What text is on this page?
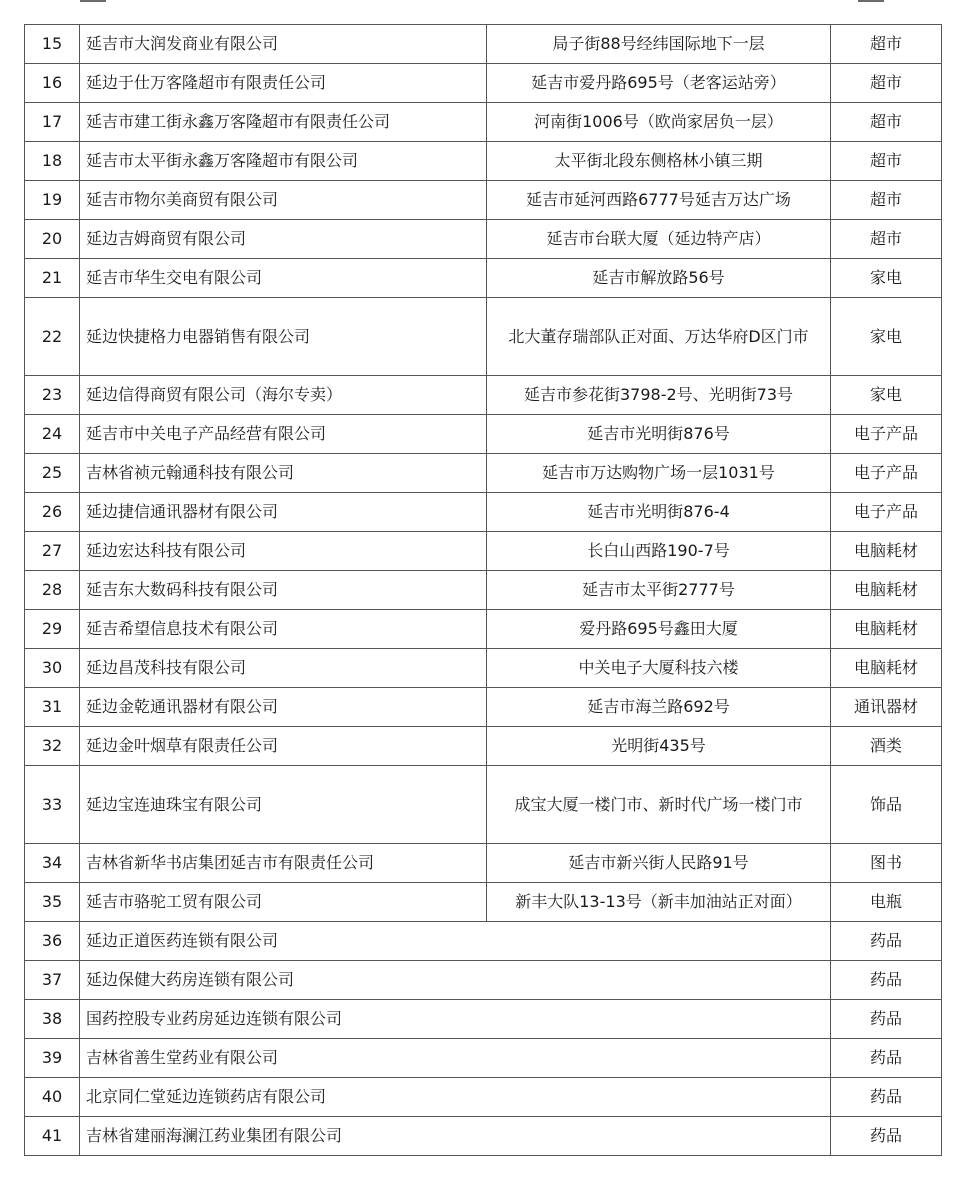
15	延吉市大润发商业有限公司	局子街88号经纬国际地下一层	超市
16	延边于仕万客隆超市有限责任公司	延吉市爱丹路695号（老客运站旁）	超市
17	延吉市建工街永鑫万客隆超市有限责任公司	河南街1006号（欧尚家居负一层）	超市
18	延吉市太平街永鑫万客隆超市有限公司	太平街北段东侧格林小镇三期	超市
19	延吉市物尔美商贸有限公司	延吉市延河西路6777号延吉万达广场	超市
20	延边吉姆商贸有限公司	延吉市台联大厦（延边特产店）	超市
21	延吉市华生交电有限公司	延吉市解放路56号	家电
22	延边快捷格力电器销售有限公司	北大董存瑞部队正对面、万达华府D区门市	家电
23	延边信得商贸有限公司（海尔专卖）	延吉市参花街3798-2号、光明街73号	家电
24	延吉市中关电子产品经营有限公司	延吉市光明街876号	电子产品
25	吉林省祯元翰通科技有限公司	延吉市万达购物广场一层1031号	电子产品
26	延边捷信通讯器材有限公司	延吉市光明街876-4	电子产品
27	延边宏达科技有限公司	长白山西路190-7号	电脑耗材
28	延吉东大数码科技有限公司	延吉市太平街2777号	电脑耗材
29	延吉希望信息技术有限公司	爱丹路695号鑫田大厦	电脑耗材
30	延边昌茂科技有限公司	中关电子大厦科技六楼	电脑耗材
31	延边金乾通讯器材有限公司	延吉市海兰路692号	通讯器材
32	延边金叶烟草有限责任公司	光明街435号	酒类
33	延边宝连迪珠宝有限公司	成宝大厦一楼门市、新时代广场一楼门市	饰品
34	吉林省新华书店集团延吉市有限责任公司	延吉市新兴街人民路91号	图书
35	延吉市骆驼工贸有限公司	新丰大队13-13号（新丰加油站正对面）	电瓶
36	延边正道医药连锁有限公司		药品
37	延边保健大药房连锁有限公司		药品
38	国药控股专业药房延边连锁有限公司		药品
39	吉林省善生堂药业有限公司		药品
40	北京同仁堂延边连锁药店有限公司		药品
41	吉林省建丽海澜江药业集团有限公司		药品
